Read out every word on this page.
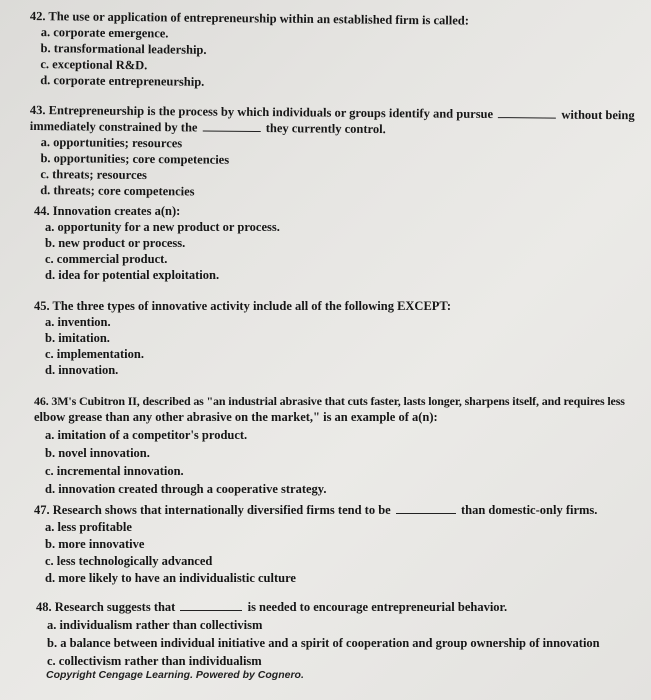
42. The use or application of entrepreneurship within an established firm is called:
a. corporate emergence.
b. transformational leadership.
c. exceptional R&D.
d. corporate entrepreneurship.
43. Entrepreneurship is the process by which individuals or groups identify and pursue	without being
immediately constrained by the	they currently control.
a. opportunities; resources
b. opportunities; core competencies
c. threats; resources
d. threats; core competencies
44. Innovation creates a(n):
a. opportunity for a new product or process.
b. new product or process.
c. commercial product.
d. idea for potential exploitation.
45. The three types of innovative activity include all of the following EXCEPT:
a. invention.
b. imitation.
c. implementation.
d. innovation.
46. 3M's Cubitron II, described as "an industrial abrasive that cuts faster, lasts longer, sharpens itself, and requires less
elbow grease than any other abrasive on the market," is an example of a(n):
a. imitation of a competitor's product.
b. novel innovation.
c. incremental innovation.
d. innovation created through a cooperative strategy.
47. Research shows that internationally diversified firms tend to be	than domestic-only firms.
a. less profitable
b. more innovative
c. less technologically advanced
d. more likely to have an individualistic culture
48. Research suggests that	is needed to encourage entrepreneurial behavior.
a. individualism rather than collectivism
b. a balance between individual initiative and a spirit of cooperation and group ownership of innovation
c. collectivism rather than individualism
Copyright Cengage Learning. Powered by Cognero.
